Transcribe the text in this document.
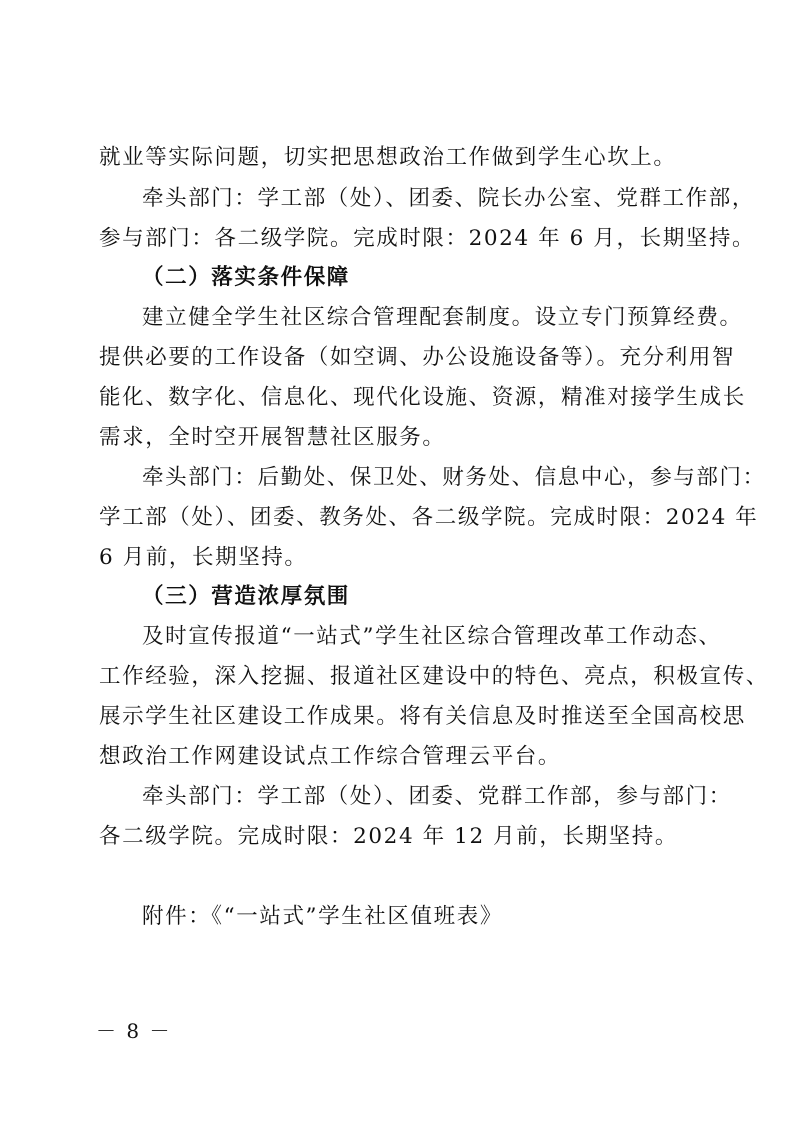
就业等实际问题，切实把思想政治工作做到学生心坎上。
牵头部门：学工部（处）、团委、院长办公室、党群工作部，
参与部门：各二级学院。完成时限：2024 年 6 月，长期坚持。
（二）落实条件保障
建立健全学生社区综合管理配套制度。设立专门预算经费。
提供必要的工作设备（如空调、办公设施设备等）。充分利用智
能化、数字化、信息化、现代化设施、资源，精准对接学生成长
需求，全时空开展智慧社区服务。
牵头部门：后勤处、保卫处、财务处、信息中心，参与部门：
学工部（处）、团委、教务处、各二级学院。完成时限：2024 年
6 月前，长期坚持。
（三）营造浓厚氛围
及时宣传报道“一站式”学生社区综合管理改革工作动态、
工作经验，深入挖掘、报道社区建设中的特色、亮点，积极宣传、
展示学生社区建设工作成果。将有关信息及时推送至全国高校思
想政治工作网建设试点工作综合管理云平台。
牵头部门：学工部（处）、团委、党群工作部，参与部门：
各二级学院。完成时限：2024 年 12 月前，长期坚持。
附件：《“一站式”学生社区值班表》
－ 8 －
